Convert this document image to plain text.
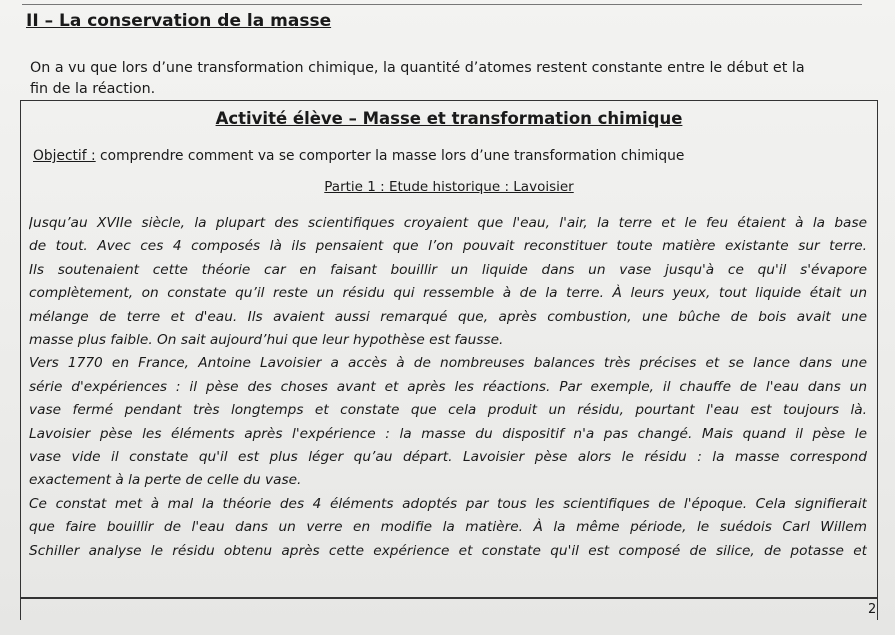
II – La conservation de la masse

On a vu que lors d’une transformation chimique, la quantité d’atomes restent constante entre le début et la
fin de la réaction.

Activité élève – Masse et transformation chimique

Objectif : comprendre comment va se comporter la masse lors d’une transformation chimique

Partie 1 : Etude historique : Lavoisier

Jusqu’au XVIIe siècle, la plupart des scientifiques croyaient que l'eau, l'air, la terre et le feu étaient à la base
de tout. Avec ces 4 composés là ils pensaient que l’on pouvait reconstituer toute matière existante sur terre.
Ils soutenaient cette théorie car en faisant bouillir un liquide dans un vase jusqu'à ce qu'il s'évapore
complètement, on constate qu’il reste un résidu qui ressemble à de la terre. À leurs yeux, tout liquide était un
mélange de terre et d'eau. Ils avaient aussi remarqué que, après combustion, une bûche de bois avait une
masse plus faible. On sait aujourd’hui que leur hypothèse est fausse.
Vers 1770 en France, Antoine Lavoisier a accès à de nombreuses balances très précises et se lance dans une
série d'expériences : il pèse des choses avant et après les réactions. Par exemple, il chauffe de l'eau dans un
vase fermé pendant très longtemps et constate que cela produit un résidu, pourtant l'eau est toujours là.
Lavoisier pèse les éléments après l'expérience : la masse du dispositif n'a pas changé. Mais quand il pèse le
vase vide il constate qu'il est plus léger qu’au départ. Lavoisier pèse alors le résidu : la masse correspond
exactement à la perte de celle du vase.
Ce constat met à mal la théorie des 4 éléments adoptés par tous les scientifiques de l'époque. Cela signifierait
que faire bouillir de l'eau dans un verre en modifie la matière. À la même période, le suédois Carl Willem
Schiller analyse le résidu obtenu après cette expérience et constate qu'il est composé de silice, de potasse et

2
